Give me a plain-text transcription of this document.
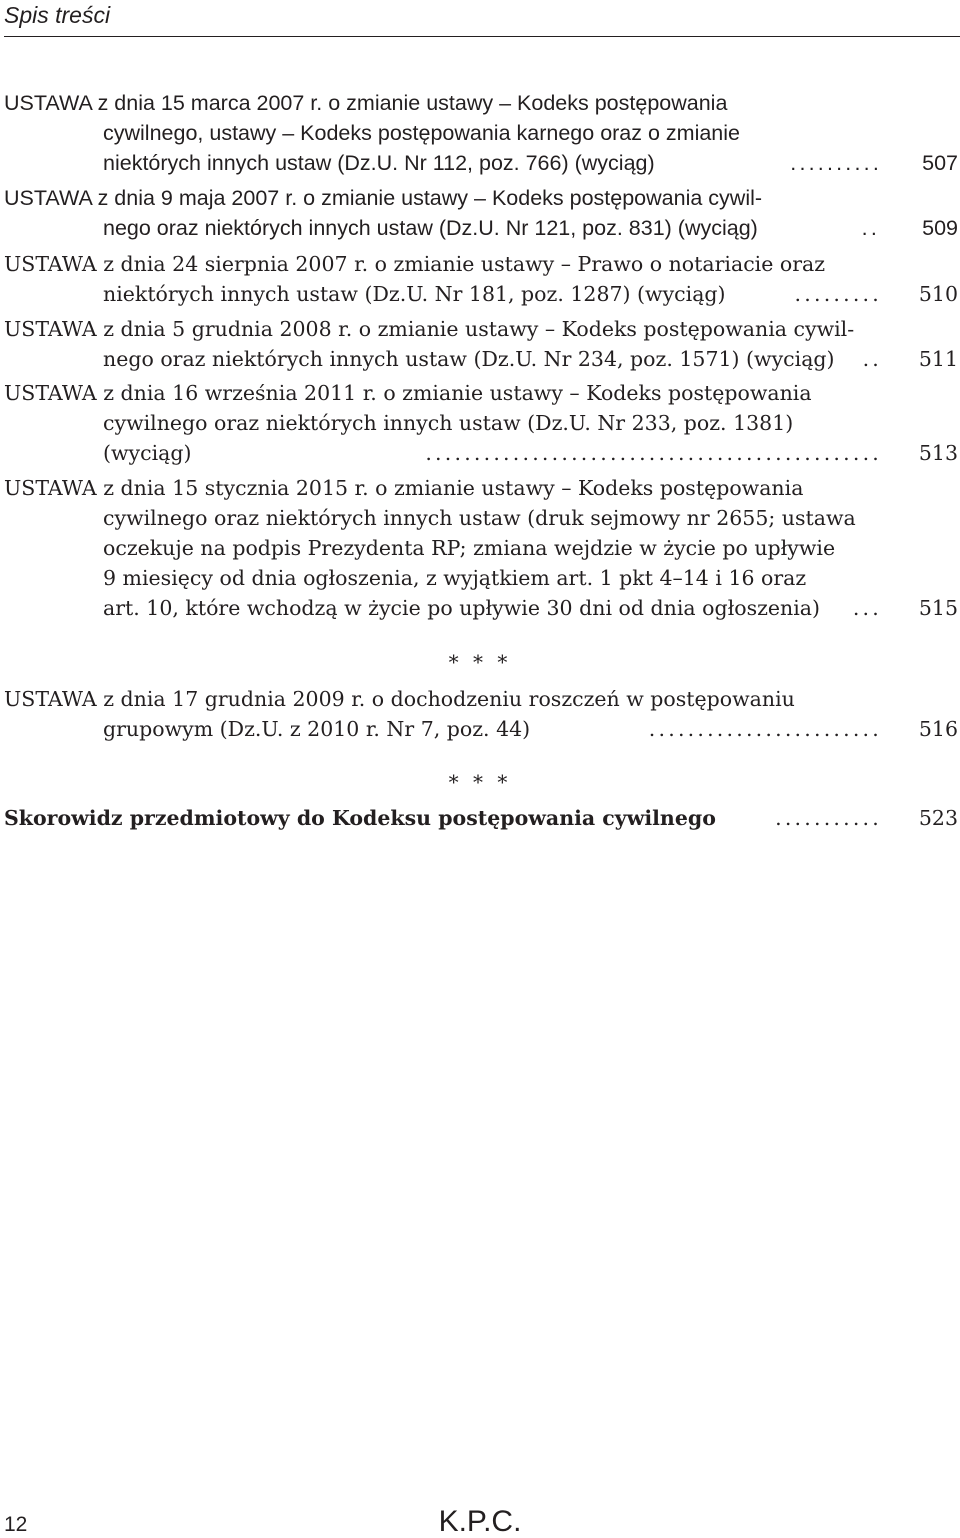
Spis treści
USTAWA z dnia 15 marca 2007 r. o zmianie ustawy – Kodeks postępowania
cywilnego, ustawy – Kodeks postępowania karnego oraz o zmianie
niektórych innych ustaw (Dz.U. Nr 112, poz. 766) (wyciąg)	.......... 507
USTAWA z dnia 9 maja 2007 r. o zmianie ustawy – Kodeks postępowania cywil-
nego oraz niektórych innych ustaw (Dz.U. Nr 121, poz. 831) (wyciąg)	.. 509
USTAWA z dnia 24 sierpnia 2007 r. o zmianie ustawy – Prawo o notariacie oraz
niektórych innych ustaw (Dz.U. Nr 181, poz. 1287) (wyciąg)	......... 510
USTAWA z dnia 5 grudnia 2008 r. o zmianie ustawy – Kodeks postępowania cywil-
nego oraz niektórych innych ustaw (Dz.U. Nr 234, poz. 1571) (wyciąg)	.. 511
USTAWA z dnia 16 września 2011 r. o zmianie ustawy – Kodeks postępowania
cywilnego oraz niektórych innych ustaw (Dz.U. Nr 233, poz. 1381)
(wyciąg)	............................................... 513
USTAWA z dnia 15 stycznia 2015 r. o zmianie ustawy – Kodeks postępowania
cywilnego oraz niektórych innych ustaw (druk sejmowy nr 2655; ustawa
oczekuje na podpis Prezydenta RP; zmiana wejdzie w życie po upływie
9 miesięcy od dnia ogłoszenia, z wyjątkiem art. 1 pkt 4–14 i 16 oraz
art. 10, które wchodzą w życie po upływie 30 dni od dnia ogłoszenia)	... 515
* * *
USTAWA z dnia 17 grudnia 2009 r. o dochodzeniu roszczeń w postępowaniu
grupowym (Dz.U. z 2010 r. Nr 7, poz. 44)	........................ 516
* * *
Skorowidz przedmiotowy do Kodeksu postępowania cywilnego	........... 523
12	K.P.C.
